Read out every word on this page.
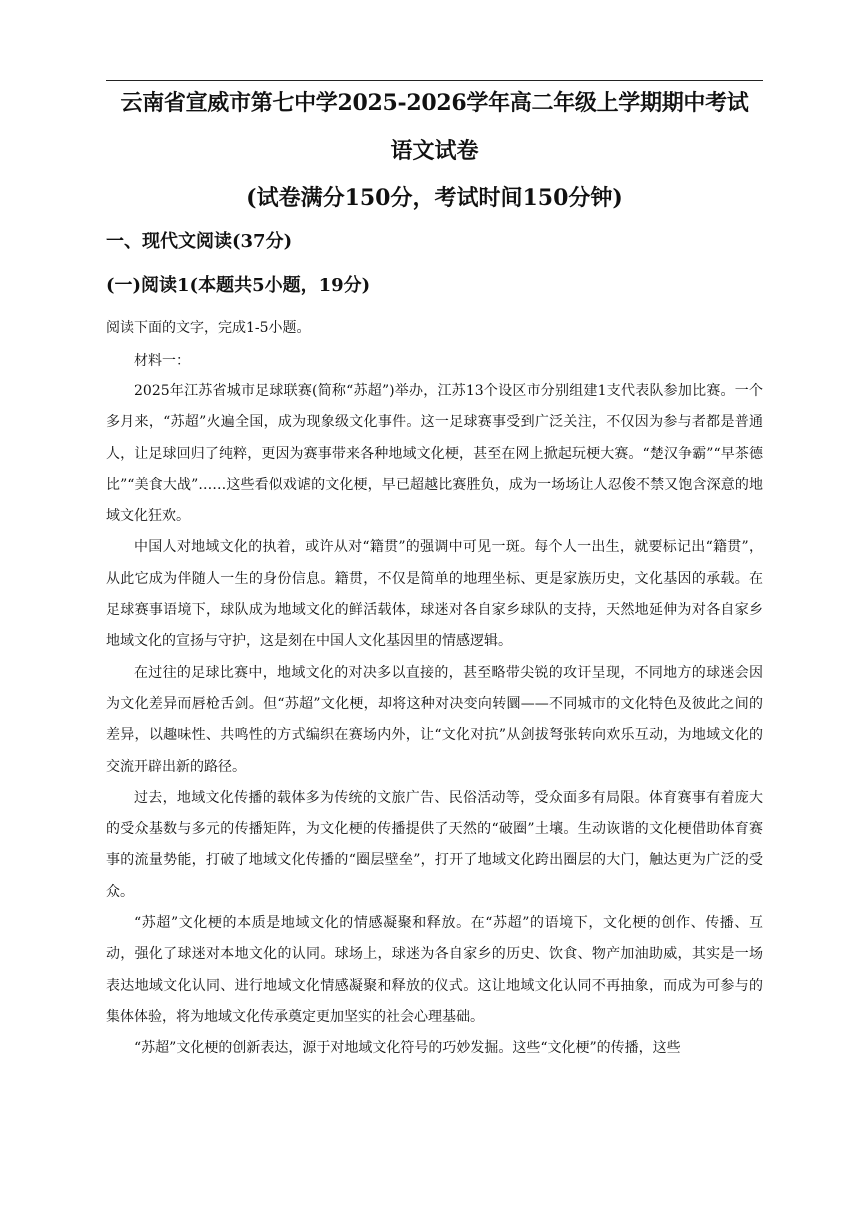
云南省宣威市第七中学2025-2026学年高二年级上学期期中考试
语文试卷
(试卷满分150分，考试时间150分钟)
一、现代文阅读(37分)
(一)阅读1(本题共5小题，19分)
阅读下面的文字，完成1-5小题。
材料一：

2025年江苏省城市足球联赛(简称“苏超”)举办，江苏13个设区市分别组建1支代表队参加比赛。一个多月来，“苏超”火遍全国，成为现象级文化事件。这一足球赛事受到广泛关注，不仅因为参与者都是普通人，让足球回归了纯粹，更因为赛事带来各种地域文化梗，甚至在网上掀起玩梗大赛。“楚汉争霸”“早茶德比”“美食大战”……这些看似戏谑的文化梗，早已超越比赛胜负，成为一场场让人忍俊不禁又饱含深意的地域文化狂欢。

中国人对地域文化的执着，或许从对“籍贯”的强调中可见一斑。每个人一出生，就要标记出“籍贯”，从此它成为伴随人一生的身份信息。籍贯，不仅是简单的地理坐标、更是家族历史，文化基因的承载。在足球赛事语境下，球队成为地域文化的鲜活载体，球迷对各自家乡球队的支持，天然地延伸为对各自家乡地域文化的宣扬与守护，这是刻在中国人文化基因里的情感逻辑。

在过往的足球比赛中，地域文化的对决多以直接的，甚至略带尖锐的攻讦呈现，不同地方的球迷会因为文化差异而唇枪舌剑。但“苏超”文化梗，却将这种对决变向转圜——不同城市的文化特色及彼此之间的差异，以趣味性、共鸣性的方式编织在赛场内外，让“文化对抗”从剑拔弩张转向欢乐互动，为地域文化的交流开辟出新的路径。

过去，地域文化传播的载体多为传统的文旅广告、民俗活动等，受众面多有局限。体育赛事有着庞大的受众基数与多元的传播矩阵，为文化梗的传播提供了天然的“破圈”土壤。生动诙谐的文化梗借助体育赛事的流量势能，打破了地域文化传播的“圈层壁垒”，打开了地域文化跨出圈层的大门，触达更为广泛的受众。

“苏超”文化梗的本质是地域文化的情感凝聚和释放。在“苏超”的语境下，文化梗的创作、传播、互动，强化了球迷对本地文化的认同。球场上，球迷为各自家乡的历史、饮食、物产加油助威，其实是一场表达地域文化认同、进行地域文化情感凝聚和释放的仪式。这让地域文化认同不再抽象，而成为可参与的集体体验，将为地域文化传承奠定更加坚实的社会心理基础。

“苏超”文化梗的创新表达，源于对地域文化符号的巧妙发掘。这些“文化梗”的传播，这些
